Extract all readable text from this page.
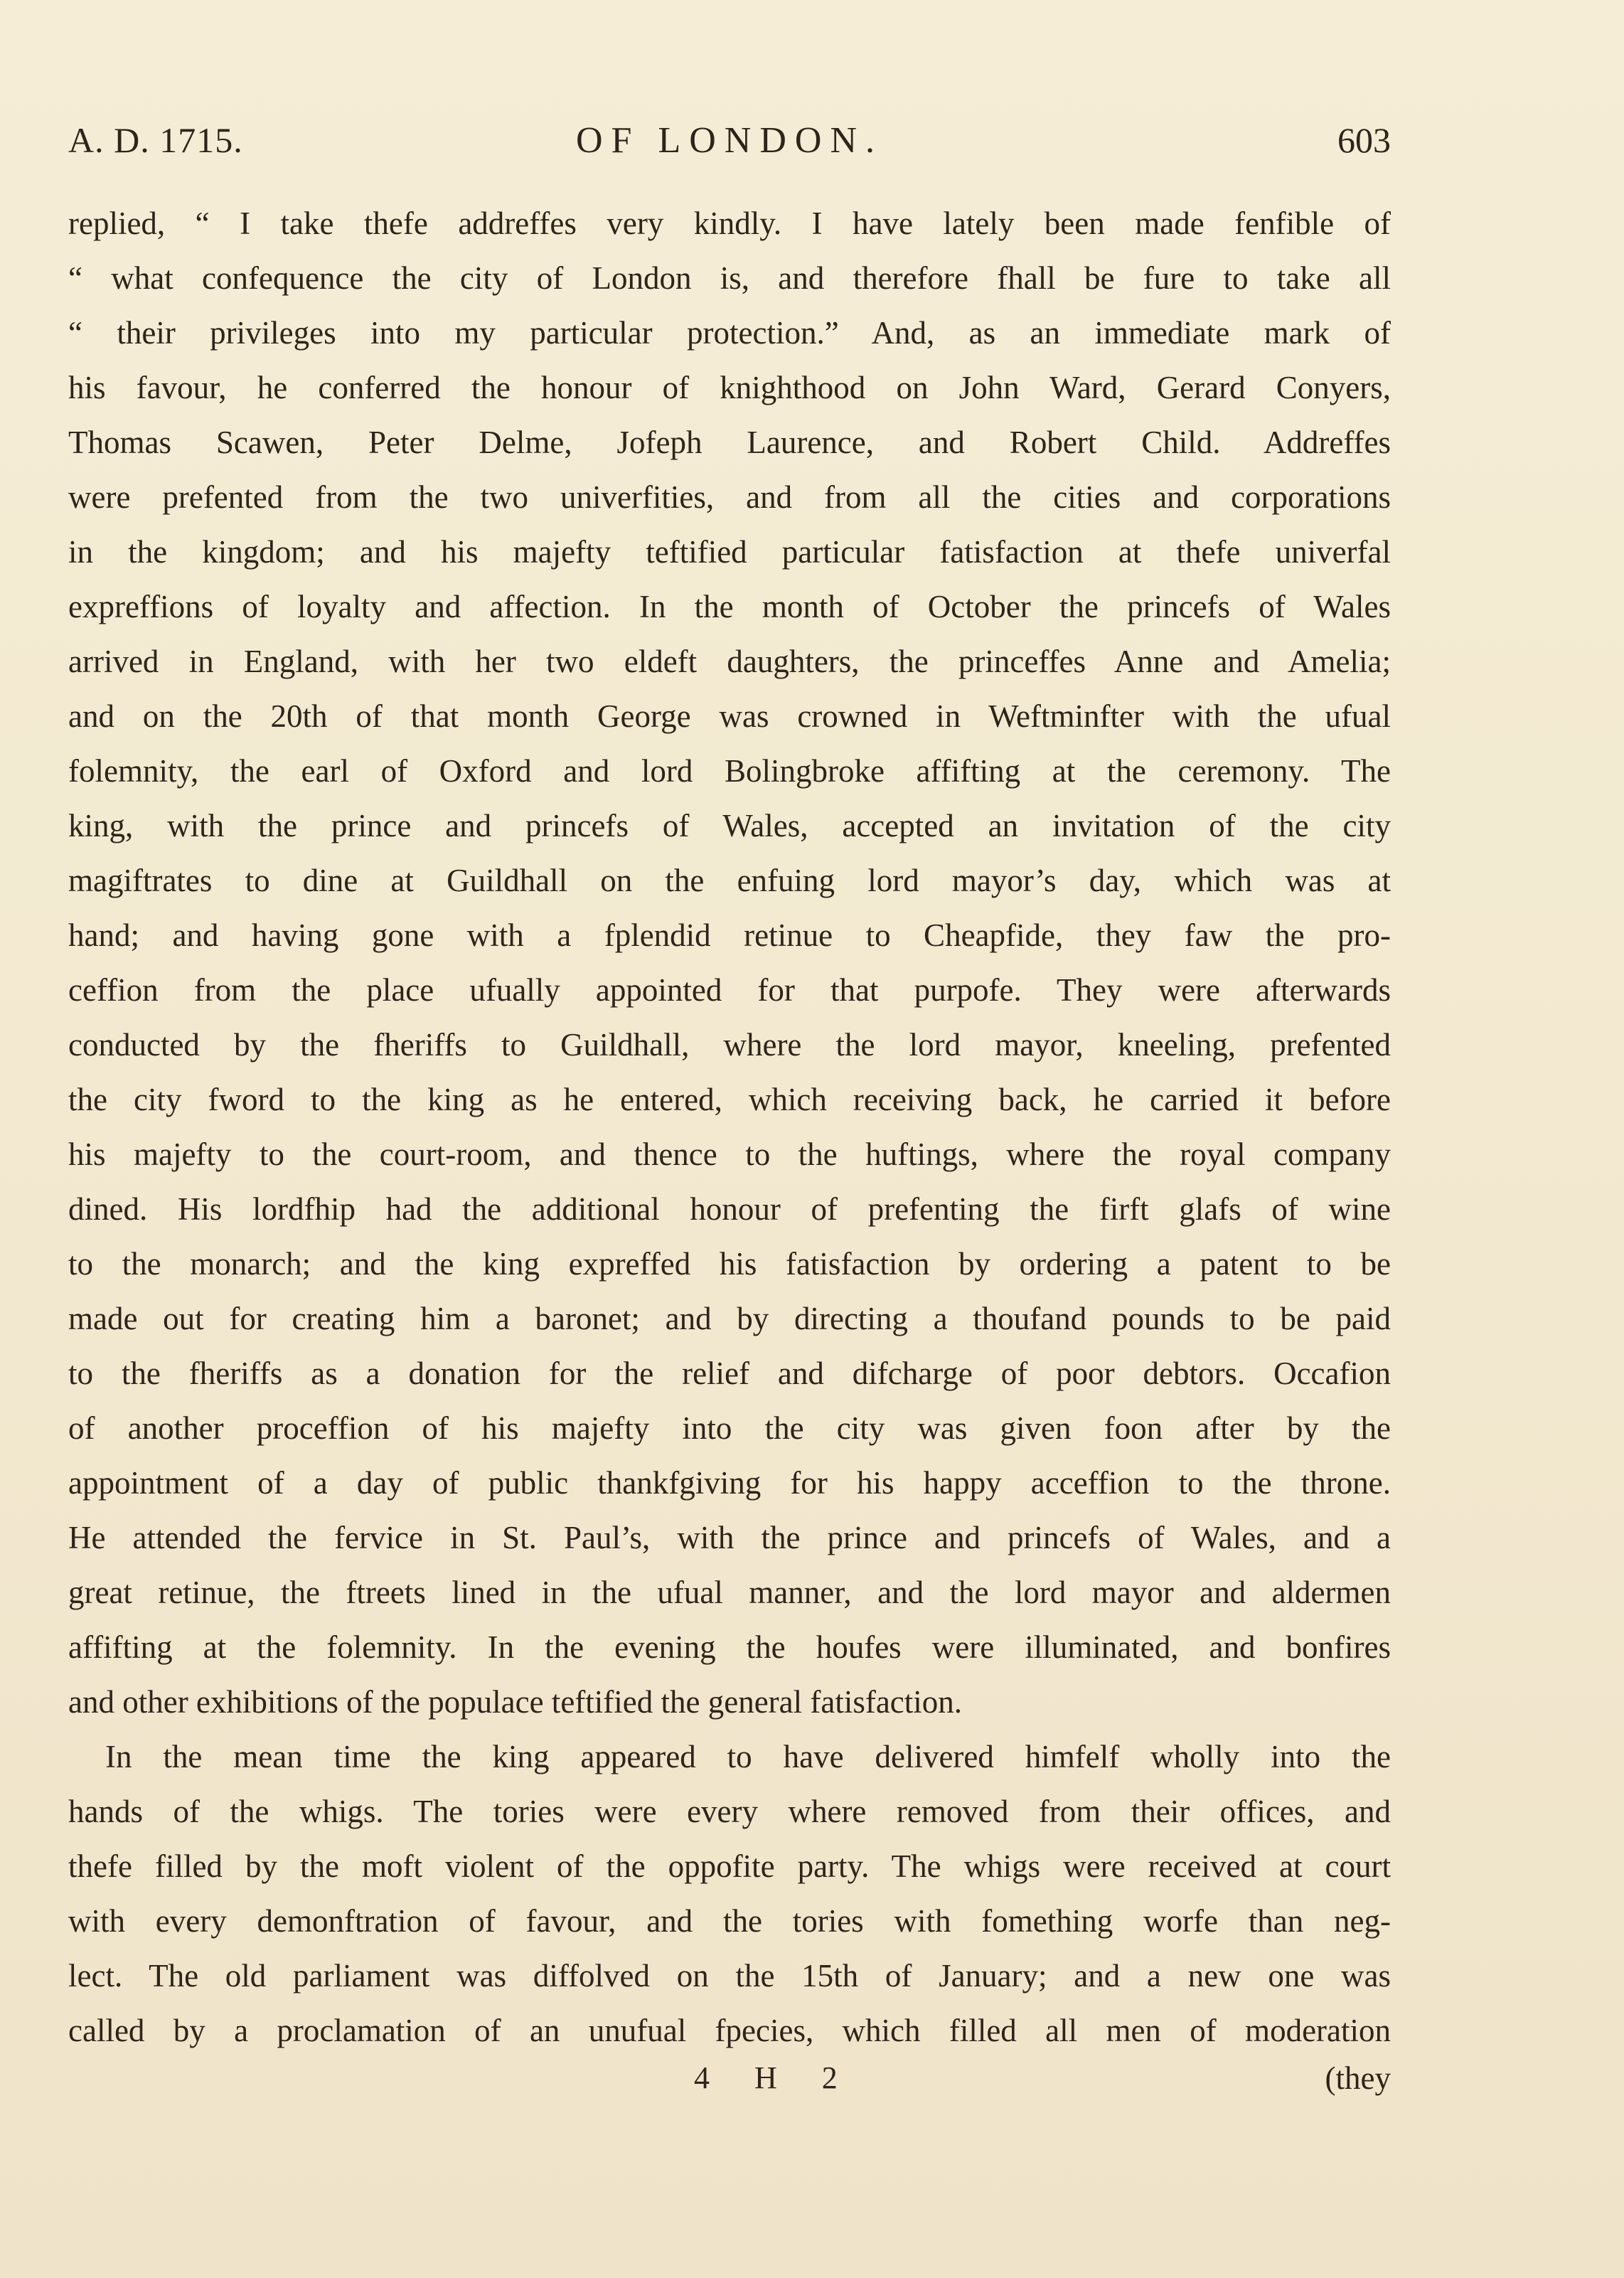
A. D. 1715.	OF LONDON.	603
replied, “ I take thefe addreffes very kindly. I have lately been made fenfible of
“ what confequence the city of London is, and therefore fhall be fure to take all
“ their privileges into my particular protection.” And, as an immediate mark of
his favour, he conferred the honour of knighthood on John Ward, Gerard Conyers,
Thomas Scawen, Peter Delme, Jofeph Laurence, and Robert Child. Addreffes
were prefented from the two univerfities, and from all the cities and corporations
in the kingdom; and his majefty teftified particular fatisfaction at thefe univerfal
expreffions of loyalty and affection. In the month of October the princefs of Wales
arrived in England, with her two eldeft daughters, the princeffes Anne and Amelia;
and on the 20th of that month George was crowned in Weftminfter with the ufual
folemnity, the earl of Oxford and lord Bolingbroke affifting at the ceremony. The
king, with the prince and princefs of Wales, accepted an invitation of the city
magiftrates to dine at Guildhall on the enfuing lord mayor’s day, which was at
hand; and having gone with a fplendid retinue to Cheapfide, they faw the pro-
ceffion from the place ufually appointed for that purpofe. They were afterwards
conducted by the fheriffs to Guildhall, where the lord mayor, kneeling, prefented
the city fword to the king as he entered, which receiving back, he carried it before
his majefty to the court-room, and thence to the huftings, where the royal company
dined. His lordfhip had the additional honour of prefenting the firft glafs of wine
to the monarch; and the king expreffed his fatisfaction by ordering a patent to be
made out for creating him a baronet; and by directing a thoufand pounds to be paid
to the fheriffs as a donation for the relief and difcharge of poor debtors. Occafion
of another proceffion of his majefty into the city was given foon after by the
appointment of a day of public thankfgiving for his happy acceffion to the throne.
He attended the fervice in St. Paul’s, with the prince and princefs of Wales, and a
great retinue, the ftreets lined in the ufual manner, and the lord mayor and aldermen
affifting at the folemnity. In the evening the houfes were illuminated, and bonfires
and other exhibitions of the populace teftified the general fatisfaction.
In the mean time the king appeared to have delivered himfelf wholly into the
hands of the whigs. The tories were every where removed from their offices, and
thefe filled by the moft violent of the oppofite party. The whigs were received at court
with every demonftration of favour, and the tories with fomething worfe than neg-
lect. The old parliament was diffolved on the 15th of January; and a new one was
called by a proclamation of an unufual fpecies, which filled all men of moderation
4 H 2	(they
